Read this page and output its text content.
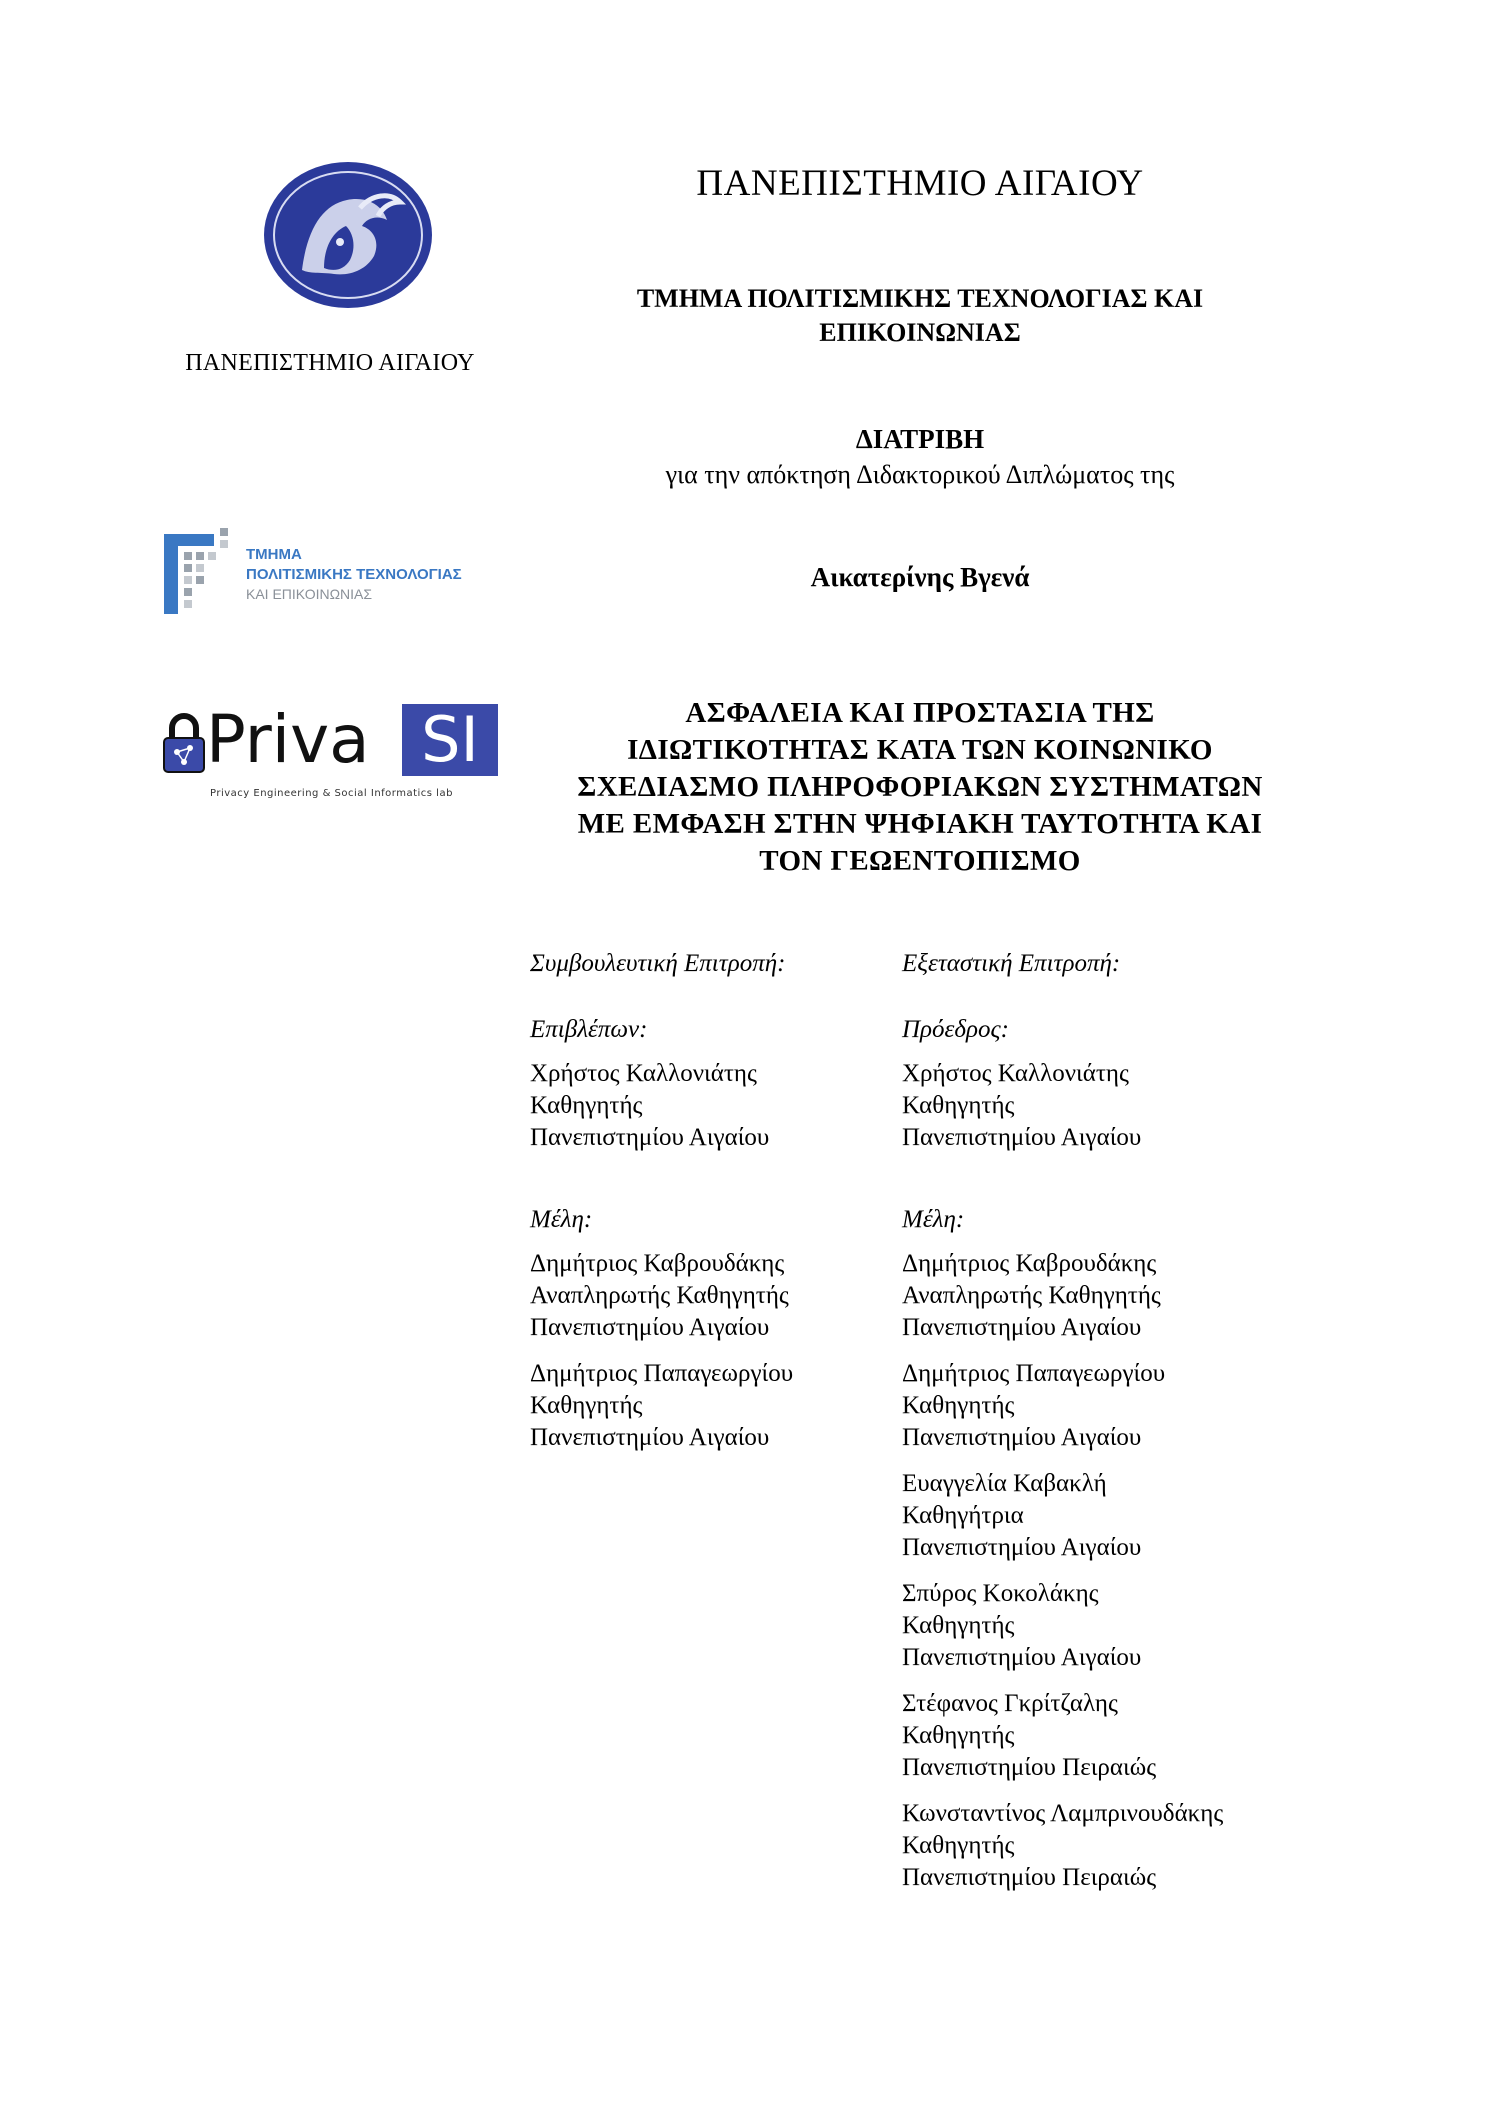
ΠΑΝΕΠΙΣΤΗΜΙΟ ΑΙΓΑΙΟΥ
ΤΜΗΜΑ
ΠΟΛΙΤΙΣΜΙΚΗΣ ΤΕΧΝΟΛΟΓΙΑΣ
ΚΑΙ ΕΠΙΚΟΙΝΩΝΙΑΣ
Priva SI
Privacy Engineering & Social Informatics lab
ΠΑΝΕΠΙΣΤΗΜΙΟ ΑΙΓΑΙΟΥ
ΤΜΗΜΑ ΠΟΛΙΤΙΣΜΙΚΗΣ ΤΕΧΝΟΛΟΓΙΑΣ ΚΑΙ
ΕΠΙΚΟΙΝΩΝΙΑΣ
ΔΙΑΤΡΙΒΗ
για την απόκτηση Διδακτορικού Διπλώματος της
Αικατερίνης Βγενά
ΑΣΦΑΛΕΙΑ ΚΑΙ ΠΡΟΣΤΑΣΙΑ ΤΗΣ
ΙΔΙΩΤΙΚΟΤΗΤΑΣ ΚΑΤΑ ΤΩΝ ΚΟΙΝΩΝΙΚΟ
ΣΧΕΔΙΑΣΜΟ ΠΛΗΡΟΦΟΡΙΑΚΩΝ ΣΥΣΤΗΜΑΤΩΝ
ΜΕ ΕΜΦΑΣΗ ΣΤΗΝ ΨΗΦΙΑΚΗ ΤΑΥΤΟΤΗΤΑ ΚΑΙ
ΤΟΝ ΓΕΩΕΝΤΟΠΙΣΜΟ
Συμβουλευτική Επιτροπή:
Επιβλέπων:
Χρήστος Καλλονιάτης
Καθηγητής
Πανεπιστημίου Αιγαίου
Μέλη:
Δημήτριος Καβρουδάκης
Αναπληρωτής Καθηγητής
Πανεπιστημίου Αιγαίου
Δημήτριος Παπαγεωργίου
Καθηγητής
Πανεπιστημίου Αιγαίου
Εξεταστική Επιτροπή:
Πρόεδρος:
Χρήστος Καλλονιάτης
Καθηγητής
Πανεπιστημίου Αιγαίου
Μέλη:
Δημήτριος Καβρουδάκης
Αναπληρωτής Καθηγητής
Πανεπιστημίου Αιγαίου
Δημήτριος Παπαγεωργίου
Καθηγητής
Πανεπιστημίου Αιγαίου
Ευαγγελία Καβακλή
Καθηγήτρια
Πανεπιστημίου Αιγαίου
Σπύρος Κοκολάκης
Καθηγητής
Πανεπιστημίου Αιγαίου
Στέφανος Γκρίτζαλης
Καθηγητής
Πανεπιστημίου Πειραιώς
Κωνσταντίνος Λαμπρινουδάκης
Καθηγητής
Πανεπιστημίου Πειραιώς
